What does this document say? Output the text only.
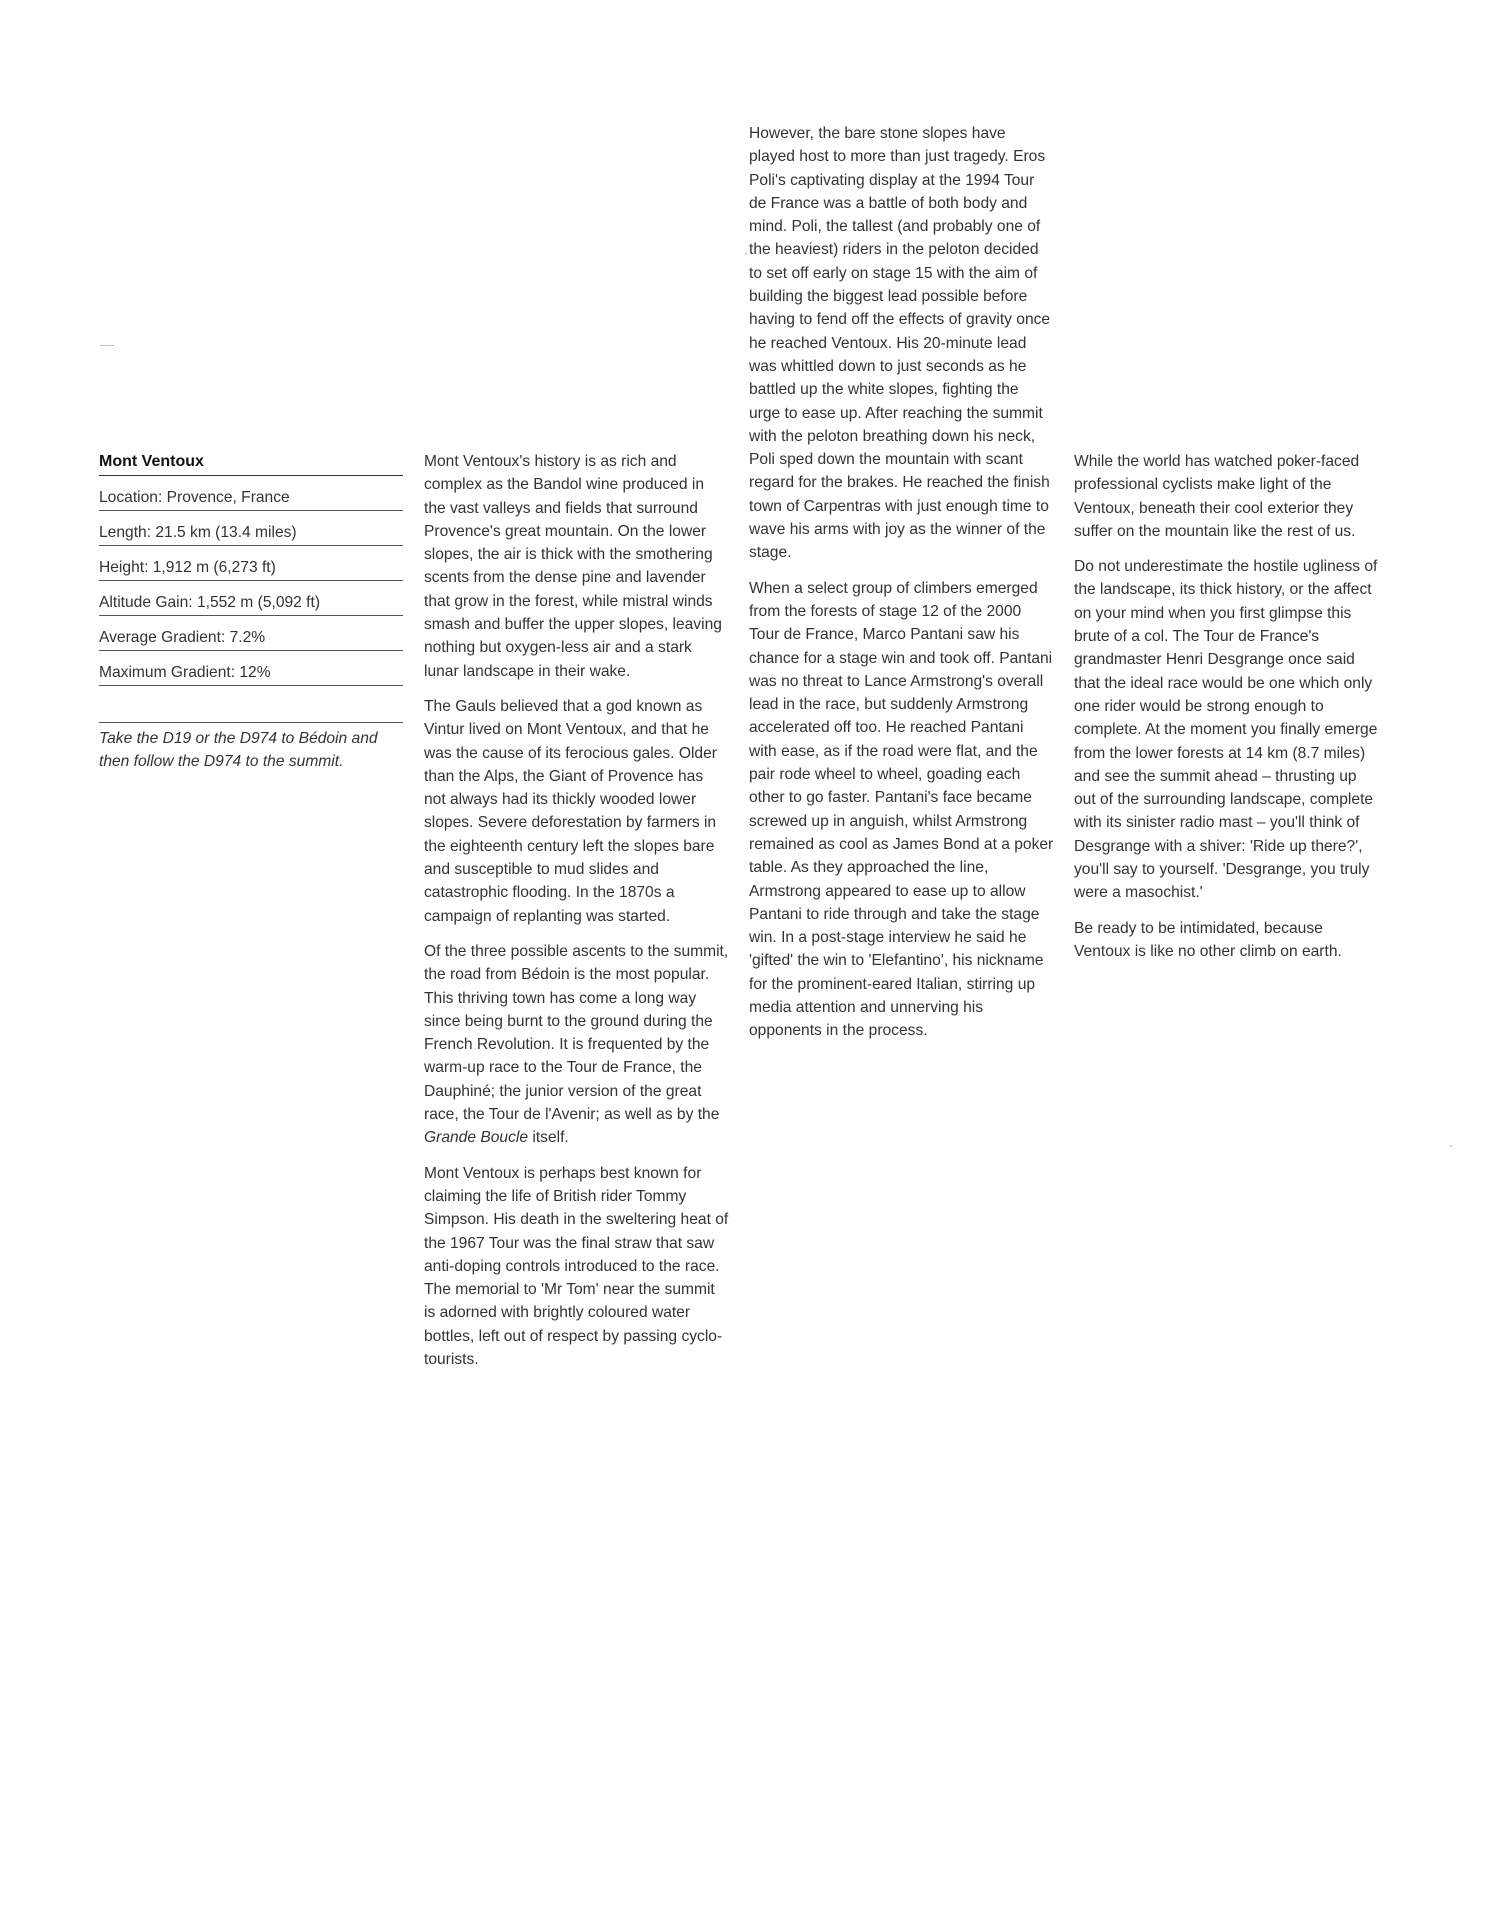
Mont Ventoux
Location: Provence, France
Length: 21.5 km (13.4 miles)
Height: 1,912 m (6,273 ft)
Altitude Gain: 1,552 m (5,092 ft)
Average Gradient: 7.2%
Maximum Gradient: 12%
Take the D19 or the D974 to Bédoin and then follow the D974 to the summit.

Mont Ventoux's history is as rich and complex as the Bandol wine produced in the vast valleys and fields that surround Provence's great mountain. On the lower slopes, the air is thick with the smothering scents from the dense pine and lavender that grow in the forest, while mistral winds smash and buffer the upper slopes, leaving nothing but oxygen-less air and a stark lunar landscape in their wake.

The Gauls believed that a god known as Vintur lived on Mont Ventoux, and that he was the cause of its ferocious gales. Older than the Alps, the Giant of Provence has not always had its thickly wooded lower slopes. Severe deforestation by farmers in the eighteenth century left the slopes bare and susceptible to mud slides and catastrophic flooding. In the 1870s a campaign of replanting was started.

Of the three possible ascents to the summit, the road from Bédoin is the most popular. This thriving town has come a long way since being burnt to the ground during the French Revolution. It is frequented by the warm-up race to the Tour de France, the Dauphiné; the junior version of the great race, the Tour de l'Avenir; as well as by the Grande Boucle itself.

Mont Ventoux is perhaps best known for claiming the life of British rider Tommy Simpson. His death in the sweltering heat of the 1967 Tour was the final straw that saw anti-doping controls introduced to the race. The memorial to 'Mr Tom' near the summit is adorned with brightly coloured water bottles, left out of respect by passing cyclo-tourists.

However, the bare stone slopes have played host to more than just tragedy. Eros Poli's captivating display at the 1994 Tour de France was a battle of both body and mind. Poli, the tallest (and probably one of the heaviest) riders in the peloton decided to set off early on stage 15 with the aim of building the biggest lead possible before having to fend off the effects of gravity once he reached Ventoux. His 20-minute lead was whittled down to just seconds as he battled up the white slopes, fighting the urge to ease up. After reaching the summit with the peloton breathing down his neck, Poli sped down the mountain with scant regard for the brakes. He reached the finish town of Carpentras with just enough time to wave his arms with joy as the winner of the stage.

When a select group of climbers emerged from the forests of stage 12 of the 2000 Tour de France, Marco Pantani saw his chance for a stage win and took off. Pantani was no threat to Lance Armstrong's overall lead in the race, but suddenly Armstrong accelerated off too. He reached Pantani with ease, as if the road were flat, and the pair rode wheel to wheel, goading each other to go faster. Pantani's face became screwed up in anguish, whilst Armstrong remained as cool as James Bond at a poker table. As they approached the line, Armstrong appeared to ease up to allow Pantani to ride through and take the stage win. In a post-stage interview he said he 'gifted' the win to 'Elefantino', his nickname for the prominent-eared Italian, stirring up media attention and unnerving his opponents in the process.

While the world has watched poker-faced professional cyclists make light of the Ventoux, beneath their cool exterior they suffer on the mountain like the rest of us.

Do not underestimate the hostile ugliness of the landscape, its thick history, or the affect on your mind when you first glimpse this brute of a col. The Tour de France's grandmaster Henri Desgrange once said that the ideal race would be one which only one rider would be strong enough to complete. At the moment you finally emerge from the lower forests at 14 km (8.7 miles) and see the summit ahead – thrusting up out of the surrounding landscape, complete with its sinister radio mast – you'll think of Desgrange with a shiver: 'Ride up there?', you'll say to yourself. 'Desgrange, you truly were a masochist.'

Be ready to be intimidated, because Ventoux is like no other climb on earth.
